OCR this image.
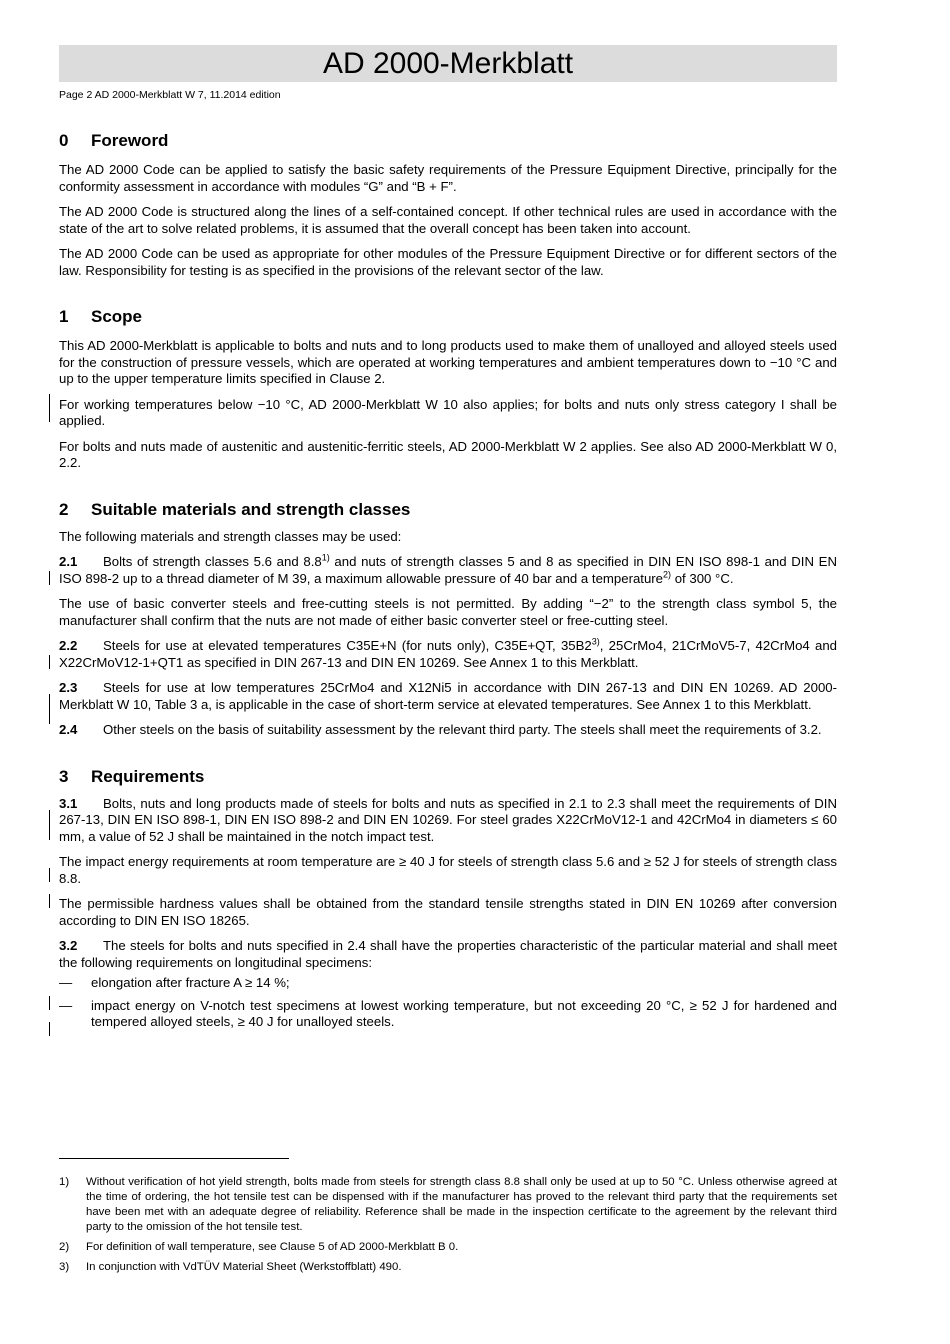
AD 2000-Merkblatt
Page 2 AD 2000-Merkblatt W 7, 11.2014 edition
0 Foreword

The AD 2000 Code can be applied to satisfy the basic safety requirements of the Pressure Equipment Directive, principally for the conformity assessment in accordance with modules “G” and “B + F”.

The AD 2000 Code is structured along the lines of a self-contained concept. If other technical rules are used in accordance with the state of the art to solve related problems, it is assumed that the overall concept has been taken into account.

The AD 2000 Code can be used as appropriate for other modules of the Pressure Equipment Directive or for different sectors of the law. Responsibility for testing is as specified in the provisions of the relevant sector of the law.

1 Scope

This AD 2000-Merkblatt is applicable to bolts and nuts and to long products used to make them of unalloyed and alloyed steels used for the construction of pressure vessels, which are operated at working temperatures and ambient temperatures down to −10 °C and up to the upper temperature limits specified in Clause 2.

For working temperatures below −10 °C, AD 2000-Merkblatt W 10 also applies; for bolts and nuts only stress category I shall be applied.

For bolts and nuts made of austenitic and austenitic-ferritic steels, AD 2000-Merkblatt W 2 applies. See also AD 2000-Merkblatt W 0, 2.2.

2 Suitable materials and strength classes

The following materials and strength classes may be used:

2.1 Bolts of strength classes 5.6 and 8.8$^{1)}$ and nuts of strength classes 5 and 8 as specified in DIN EN ISO 898-1 and DIN EN ISO 898-2 up to a thread diameter of M 39, a maximum allowable pressure of 40 bar and a temperature$^{2)}$ of 300 °C.

The use of basic converter steels and free-cutting steels is not permitted. By adding “−2” to the strength class symbol 5, the manufacturer shall confirm that the nuts are not made of either basic converter steel or free-cutting steel.

2.2 Steels for use at elevated temperatures C35E+N (for nuts only), C35E+QT, 35B2$^{3)}$, 25CrMo4, 21CrMoV5-7, 42CrMo4 and X22CrMoV12-1+QT1 as specified in DIN 267-13 and DIN EN 10269. See Annex 1 to this Merkblatt.

2.3 Steels for use at low temperatures 25CrMo4 and X12Ni5 in accordance with DIN 267-13 and DIN EN 10269. AD 2000-Merkblatt W 10, Table 3 a, is applicable in the case of short-term service at elevated temperatures. See Annex 1 to this Merkblatt.

2.4 Other steels on the basis of suitability assessment by the relevant third party. The steels shall meet the requirements of 3.2.

3 Requirements

3.1 Bolts, nuts and long products made of steels for bolts and nuts as specified in 2.1 to 2.3 shall meet the requirements of DIN 267-13, DIN EN ISO 898-1, DIN EN ISO 898-2 and DIN EN 10269. For steel grades X22CrMoV12-1 and 42CrMo4 in diameters ≤ 60 mm, a value of 52 J shall be maintained in the notch impact test.

The impact energy requirements at room temperature are ≥ 40 J for steels of strength class 5.6 and ≥ 52 J for steels of strength class 8.8.

The permissible hardness values shall be obtained from the standard tensile strengths stated in DIN EN 10269 after conversion according to DIN EN ISO 18265.

3.2 The steels for bolts and nuts specified in 2.4 shall have the properties characteristic of the particular material and shall meet the following requirements on longitudinal specimens:

— elongation after fracture A ≥ 14 %;
— impact energy on V-notch test specimens at lowest working temperature, but not exceeding 20 °C, ≥ 52 J for hardened and tempered alloyed steels, ≥ 40 J for unalloyed steels.
1) Without verification of hot yield strength, bolts made from steels for strength class 8.8 shall only be used at up to 50 °C. Unless otherwise agreed at the time of ordering, the hot tensile test can be dispensed with if the manufacturer has proved to the relevant third party that the requirements set have been met with an adequate degree of reliability. Reference shall be made in the inspection certificate to the agreement by the relevant third party to the omission of the hot tensile test.
2) For definition of wall temperature, see Clause 5 of AD 2000-Merkblatt B 0.
3) In conjunction with VdTÜV Material Sheet (Werkstoffblatt) 490.
